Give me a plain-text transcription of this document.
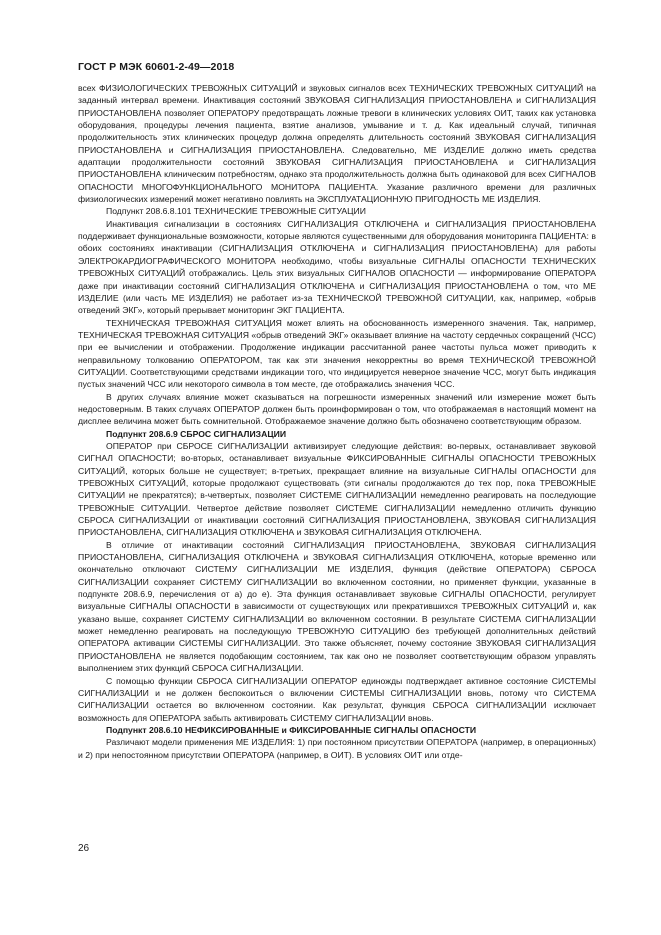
ГОСТ Р МЭК 60601-2-49—2018

всех ФИЗИОЛОГИЧЕСКИХ ТРЕВОЖНЫХ СИТУАЦИЙ и звуковых сигналов всех ТЕХНИЧЕСКИХ ТРЕВОЖНЫХ СИТУАЦИЙ на заданный интервал времени. Инактивация состояний ЗВУКОВАЯ СИГНАЛИЗАЦИЯ ПРИОСТАНОВЛЕНА и СИГНАЛИЗАЦИЯ ПРИОСТАНОВЛЕНА позволяет ОПЕРАТОРУ предотвращать ложные тревоги в клинических условиях ОИТ, таких как установка оборудования, процедуры лечения пациента, взятие анализов, умывание и т. д. Как идеальный случай, типичная продолжительность этих клинических процедур должна определять длительность состояний ЗВУКОВАЯ СИГНАЛИЗАЦИЯ ПРИОСТАНОВЛЕНА и СИГНАЛИЗАЦИЯ ПРИОСТАНОВЛЕНА. Следовательно, МЕ ИЗДЕЛИЕ должно иметь средства адаптации продолжительности состояний ЗВУКОВАЯ СИГНАЛИЗАЦИЯ ПРИОСТАНОВЛЕНА и СИГНАЛИЗАЦИЯ ПРИОСТАНОВЛЕНА клиническим потребностям, однако эта продолжительность должна быть одинаковой для всех СИГНАЛОВ ОПАСНОСТИ МНОГОФУНКЦИОНАЛЬНОГО МОНИТОРА ПАЦИЕНТА. Указание различного времени для различных физиологических измерений может негативно повлиять на ЭКСПЛУАТАЦИОННУЮ ПРИГОДНОСТЬ МЕ ИЗДЕЛИЯ.

Подпункт 208.6.8.101 ТЕХНИЧЕСКИЕ ТРЕВОЖНЫЕ СИТУАЦИИ

Инактивация сигнализации в состояниях СИГНАЛИЗАЦИЯ ОТКЛЮЧЕНА и СИГНАЛИЗАЦИЯ ПРИОСТАНОВЛЕНА поддерживает функциональные возможности, которые являются существенными для оборудования мониторинга ПАЦИЕНТА: в обоих состояниях инактивации (СИГНАЛИЗАЦИЯ ОТКЛЮЧЕНА и СИГНАЛИЗАЦИЯ ПРИОСТАНОВЛЕНА) для работы ЭЛЕКТРОКАРДИОГРАФИЧЕСКОГО МОНИТОРА необходимо, чтобы визуальные СИГНАЛЫ ОПАСНОСТИ ТЕХНИЧЕСКИХ ТРЕВОЖНЫХ СИТУАЦИЙ отображались. Цель этих визуальных СИГНАЛОВ ОПАСНОСТИ — информирование ОПЕРАТОРА даже при инактивации состояний СИГНАЛИЗАЦИЯ ОТКЛЮЧЕНА и СИГНАЛИЗАЦИЯ ПРИОСТАНОВЛЕНА о том, что МЕ ИЗДЕЛИЕ (или часть МЕ ИЗДЕЛИЯ) не работает из-за ТЕХНИЧЕСКОЙ ТРЕВОЖНОЙ СИТУАЦИИ, как, например, «обрыв отведений ЭКГ», который прерывает мониторинг ЭКГ ПАЦИЕНТА.

ТЕХНИЧЕСКАЯ ТРЕВОЖНАЯ СИТУАЦИЯ может влиять на обоснованность измеренного значения. Так, например, ТЕХНИЧЕСКАЯ ТРЕВОЖНАЯ СИТУАЦИЯ «обрыв отведений ЭКГ» оказывает влияние на частоту сердечных сокращений (ЧСС) при ее вычислении и отображении. Продолжение индикации рассчитанной ранее частоты пульса может приводить к неправильному толкованию ОПЕРАТОРОМ, так как эти значения некорректны во время ТЕХНИЧЕСКОЙ ТРЕВОЖНОЙ СИТУАЦИИ. Соответствующими средствами индикации того, что индицируется неверное значение ЧСС, могут быть индикация пустых значений ЧСС или некоторого символа в том месте, где отображались значения ЧСС.

В других случаях влияние может сказываться на погрешности измеренных значений или измерение может быть недостоверным. В таких случаях ОПЕРАТОР должен быть проинформирован о том, что отображаемая в настоящий момент на дисплее величина может быть сомнительной. Отображаемое значение должно быть обозначено соответствующим образом.

Подпункт 208.6.9 СБРОС СИГНАЛИЗАЦИИ

ОПЕРАТОР при СБРОСЕ СИГНАЛИЗАЦИИ активизирует следующие действия: во-первых, останавливает звуковой СИГНАЛ ОПАСНОСТИ; во-вторых, останавливает визуальные ФИКСИРОВАННЫЕ СИГНАЛЫ ОПАСНОСТИ ТРЕВОЖНЫХ СИТУАЦИЙ, которых больше не существует; в-третьих, прекращает влияние на визуальные СИГНАЛЫ ОПАСНОСТИ для ТРЕВОЖНЫХ СИТУАЦИЙ, которые продолжают существовать (эти сигналы продолжаются до тех пор, пока ТРЕВОЖНЫЕ СИТУАЦИИ не прекратятся); в-четвертых, позволяет СИСТЕМЕ СИГНАЛИЗАЦИИ немедленно реагировать на последующие ТРЕВОЖНЫЕ СИТУАЦИИ. Четвертое действие позволяет СИСТЕМЕ СИГНАЛИЗАЦИИ немедленно отличить функцию СБРОСА СИГНАЛИЗАЦИИ от инактивации состояний СИГНАЛИЗАЦИЯ ПРИОСТАНОВЛЕНА, ЗВУКОВАЯ СИГНАЛИЗАЦИЯ ПРИОСТАНОВЛЕНА, СИГНАЛИЗАЦИЯ ОТКЛЮЧЕНА и ЗВУКОВАЯ СИГНАЛИЗАЦИЯ ОТКЛЮЧЕНА.

В отличие от инактивации состояний СИГНАЛИЗАЦИЯ ПРИОСТАНОВЛЕНА, ЗВУКОВАЯ СИГНАЛИЗАЦИЯ ПРИОСТАНОВЛЕНА, СИГНАЛИЗАЦИЯ ОТКЛЮЧЕНА и ЗВУКОВАЯ СИГНАЛИЗАЦИЯ ОТКЛЮЧЕНА, которые временно или окончательно отключают СИСТЕМУ СИГНАЛИЗАЦИИ МЕ ИЗДЕЛИЯ, функция (действие ОПЕРАТОРА) СБРОСА СИГНАЛИЗАЦИИ сохраняет СИСТЕМУ СИГНАЛИЗАЦИИ во включенном состоянии, но применяет функции, указанные в подпункте 208.6.9, перечисления от а) до е). Эта функция останавливает звуковые СИГНАЛЫ ОПАСНОСТИ, регулирует визуальные СИГНАЛЫ ОПАСНОСТИ в зависимости от существующих или прекратившихся ТРЕВОЖНЫХ СИТУАЦИЙ и, как указано выше, сохраняет СИСТЕМУ СИГНАЛИЗАЦИИ во включенном состоянии. В результате СИСТЕМА СИГНАЛИЗАЦИИ может немедленно реагировать на последующую ТРЕВОЖНУЮ СИТУАЦИЮ без требующей дополнительных действий ОПЕРАТОРА активации СИСТЕМЫ СИГНАЛИЗАЦИИ. Это также объясняет, почему состояние ЗВУКОВАЯ СИГНАЛИЗАЦИЯ ПРИОСТАНОВЛЕНА не является подобающим состоянием, так как оно не позволяет соответствующим образом управлять выполнением этих функций СБРОСА СИГНАЛИЗАЦИИ.

С помощью функции СБРОСА СИГНАЛИЗАЦИИ ОПЕРАТОР единожды подтверждает активное состояние СИСТЕМЫ СИГНАЛИЗАЦИИ и не должен беспокоиться о включении СИСТЕМЫ СИГНАЛИЗАЦИИ вновь, потому что СИСТЕМА СИГНАЛИЗАЦИИ остается во включенном состоянии. Как результат, функция СБРОСА СИГНАЛИЗАЦИИ исключает возможность для ОПЕРАТОРА забыть активировать СИСТЕМУ СИГНАЛИЗАЦИИ вновь.

Подпункт 208.6.10 НЕФИКСИРОВАННЫЕ и ФИКСИРОВАННЫЕ СИГНАЛЫ ОПАСНОСТИ

Различают модели применения МЕ ИЗДЕЛИЯ: 1) при постоянном присутствии ОПЕРАТОРА (например, в операционных) и 2) при непостоянном присутствии ОПЕРАТОРА (например, в ОИТ). В условиях ОИТ или отде-

26
